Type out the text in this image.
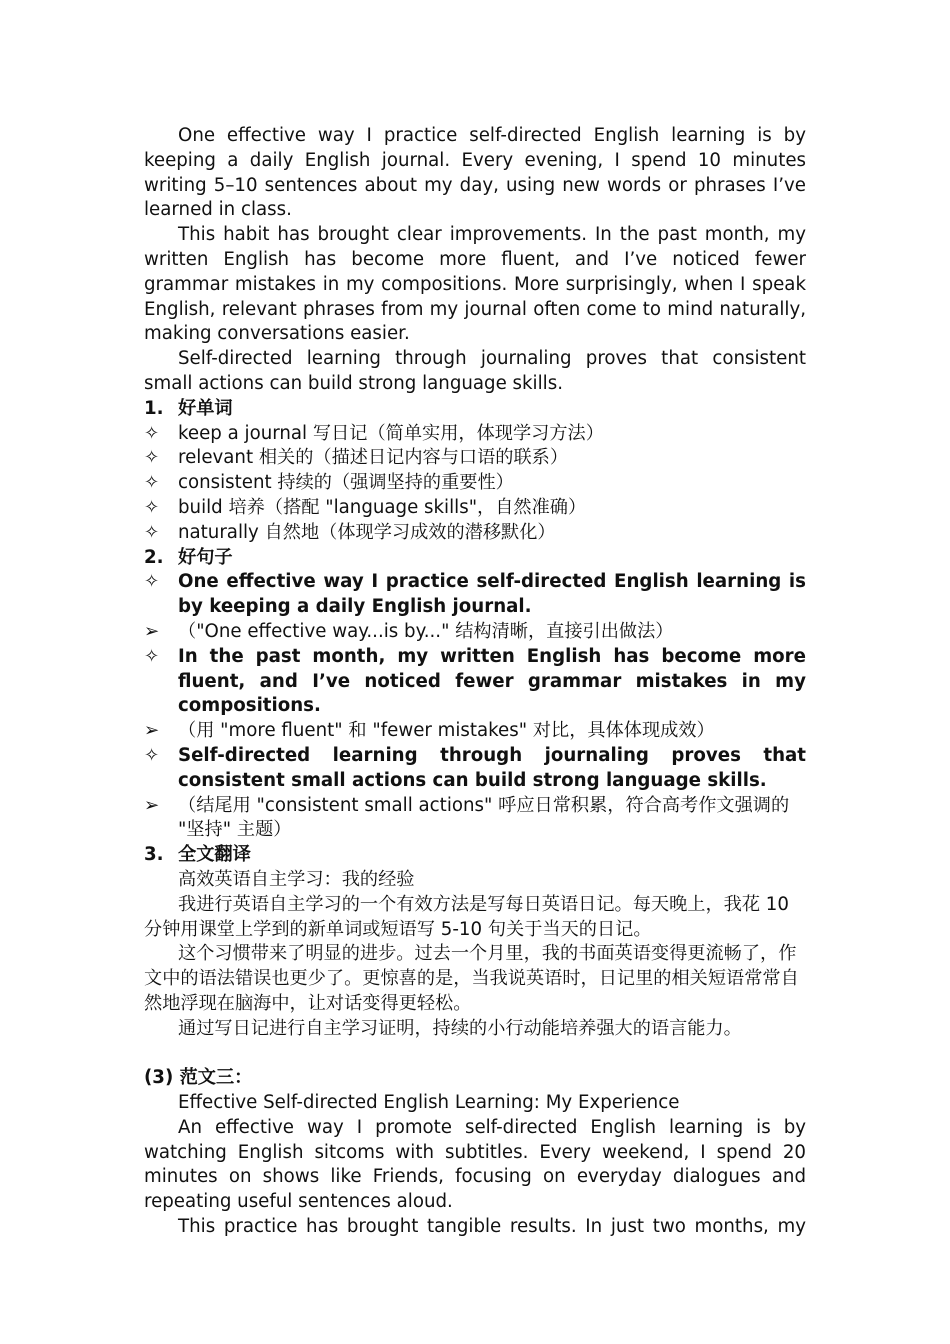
One effective way I practice self-directed English learning is by keeping a daily English journal. Every evening, I spend 10 minutes writing 5–10 sentences about my day, using new words or phrases I’ve learned in class.

This habit has brought clear improvements. In the past month, my written English has become more fluent, and I’ve noticed fewer grammar mistakes in my compositions. More surprisingly, when I speak English, relevant phrases from my journal often come to mind naturally, making conversations easier.

Self-directed learning through journaling proves that consistent small actions can build strong language skills.

1. 好单词
✧	keep a journal 写日记（简单实用，体现学习方法）
✧	relevant 相关的（描述日记内容与口语的联系）
✧	consistent 持续的（强调坚持的重要性）
✧	build 培养（搭配 "language skills"，自然准确）
✧	naturally 自然地（体现学习成效的潜移默化）
2. 好句子
✧	One effective way I practice self-directed English learning is by keeping a daily English journal.
➢	（"One effective way...is by..." 结构清晰，直接引出做法）
✧	In the past month, my written English has become more fluent, and I’ve noticed fewer grammar mistakes in my compositions.
➢	（用 "more fluent" 和 "fewer mistakes" 对比，具体体现成效）
✧	Self-directed learning through journaling proves that consistent small actions can build strong language skills.
➢	（结尾用 "consistent small actions" 呼应日常积累，符合高考作文强调的 "坚持" 主题）
3. 全文翻译

高效英语自主学习：我的经验

我进行英语自主学习的一个有效方法是写每日英语日记。每天晚上，我花 10 分钟用课堂上学到的新单词或短语写 5-10 句关于当天的日记。

这个习惯带来了明显的进步。过去一个月里，我的书面英语变得更流畅了，作文中的语法错误也更少了。更惊喜的是，当我说英语时，日记里的相关短语常常自然地浮现在脑海中，让对话变得更轻松。

通过写日记进行自主学习证明，持续的小行动能培养强大的语言能力。

(3) 范文三：

Effective Self-directed English Learning: My Experience

An effective way I promote self-directed English learning is by watching English sitcoms with subtitles. Every weekend, I spend 20 minutes on shows like Friends, focusing on everyday dialogues and repeating useful sentences aloud.

This practice has brought tangible results. In just two months, my
